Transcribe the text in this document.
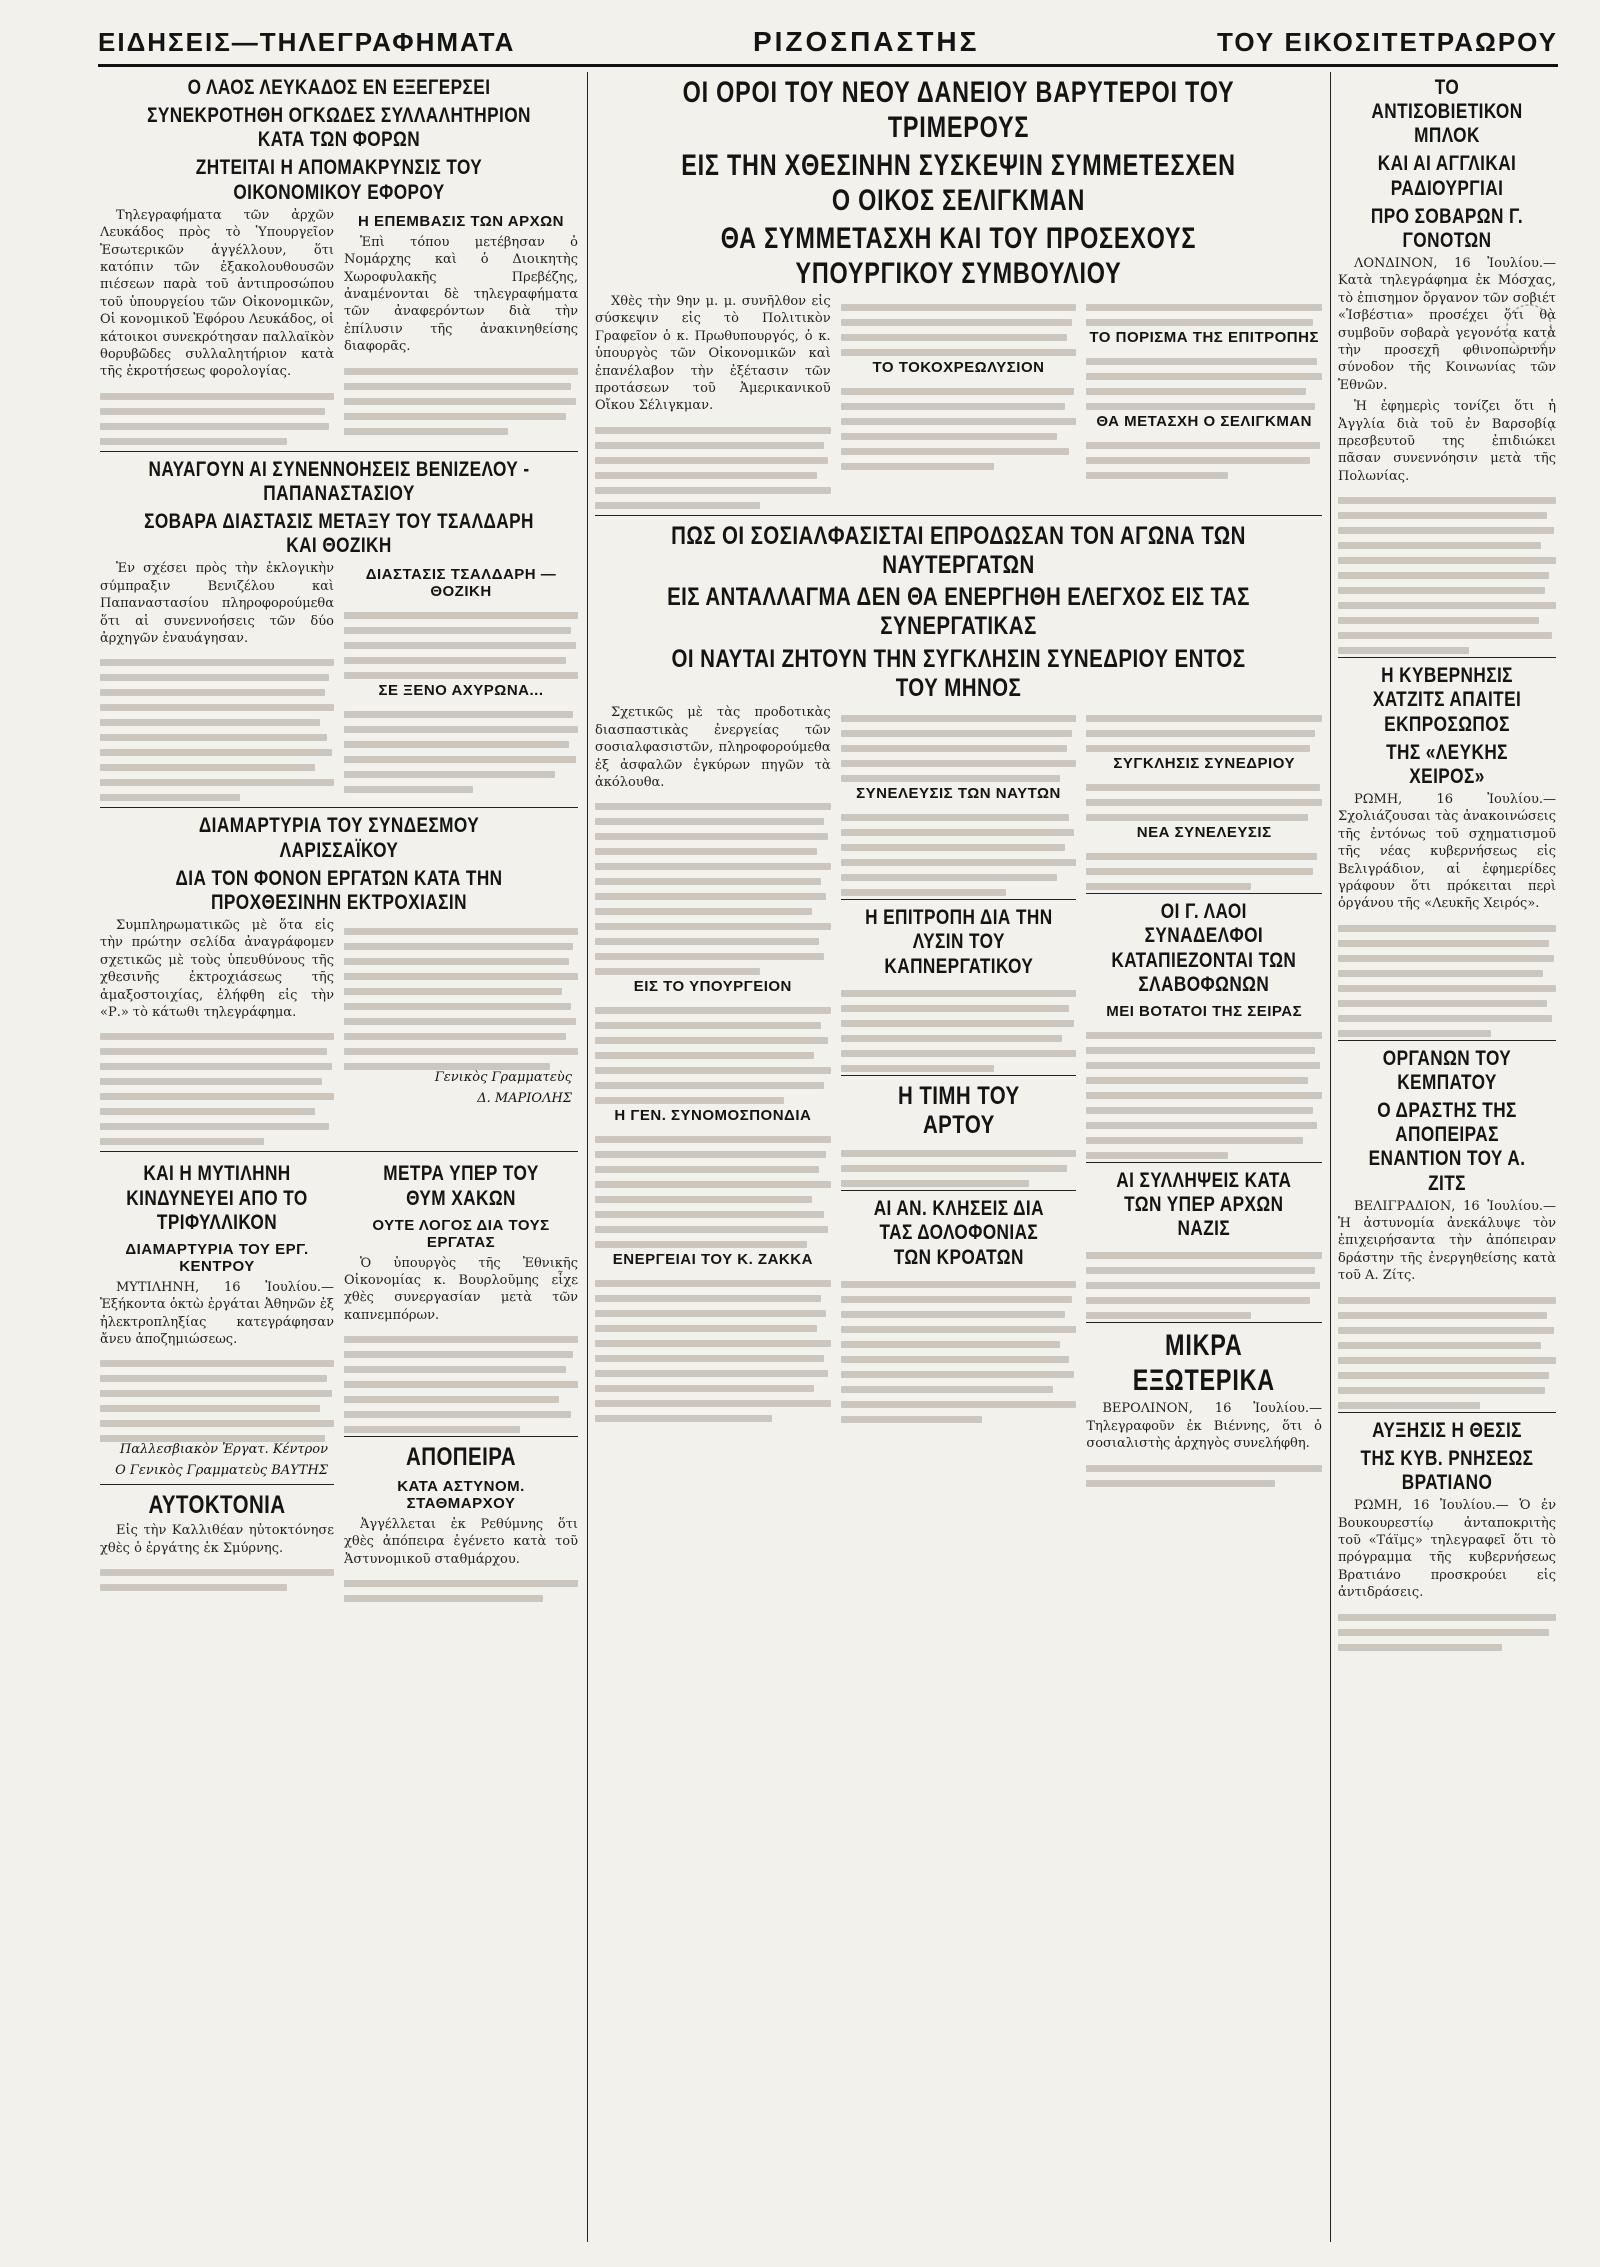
ΕΙΔΗΣΕΙΣ—ΤΗΛΕΓΡΑΦΗΜΑΤΑ	ΡΙΖΟΣΠΑΣΤΗΣ	ΤΟΥ ΕΙΚΟΣΙΤΕΤΡΑΩΡΟΥ
Ο ΛΑΟΣ ΛΕΥΚΑΔΟΣ ΕΝ ΕΞΕΓΕΡΣΕΙ
ΣΥΝΕΚΡΟΤΗΘΗ ΟΓΚΩΔΕΣ ΣΥΛΛΑΛΗΤΗΡΙΟΝ ΚΑΤΑ ΤΩΝ ΦΟΡΩΝ
ΖΗΤΕΙΤΑΙ Η ΑΠΟΜΑΚΡΥΝΣΙΣ ΤΟΥ ΟΙΚΟΝΟΜΙΚΟΥ ΕΦΟΡΟΥ

Τηλεγραφήματα τῶν ἀρχῶν Λευκάδος πρὸς τὸ Ὑπουργεῖον Ἐσωτερικῶν ἀγγέλλουν, ὅτι κατόπιν τῶν ἐξακολουθουσῶν πιέσεων παρὰ τοῦ ἀντιπροσώπου τοῦ ὑπουργείου τῶν Οἰκονομικῶν, Οἱ κονομικοῦ Ἐφόρου Λευκάδος, οἱ κάτοικοι συνεκρότησαν παλλαϊκὸν θορυβῶδες συλλαλητήριον κατὰ τῆς ἐκροτήσεως φορολογίας.

Η ΕΠΕΜΒΑΣΙΣ ΤΩΝ ΑΡΧΩΝ

Ἐπὶ τόπου μετέβησαν ὁ Νομάρχης καὶ ὁ Διοικητὴς Χωροφυλακῆς Πρεβέζης, ἀναμένονται δὲ τηλεγραφήματα τῶν ἀναφερόντων διὰ τὴν ἐπίλυσιν τῆς ἀνακινηθείσης διαφορᾶς.

ΝΑΥΑΓΟΥΝ ΑΙ ΣΥΝΕΝΝΟΗΣΕΙΣ ΒΕΝΙΖΕΛΟΥ - ΠΑΠΑΝΑΣΤΑΣΙΟΥ
ΣΟΒΑΡΑ ΔΙΑΣΤΑΣΙΣ ΜΕΤΑΞΥ ΤΟΥ ΤΣΑΛΔΑΡΗ ΚΑΙ ΘΟΖΙΚΗ

Ἐν σχέσει πρὸς τὴν ἐκλογικὴν σύμπραξιν Βενιζέλου καὶ Παπαναστασίου πληροφορούμεθα ὅτι αἱ συνεννοήσεις τῶν δύο ἀρχηγῶν ἐναυάγησαν.

ΔΙΑΣΤΑΣΙΣ ΤΣΑΛΔΑΡΗ — ΘΟΖΙΚΗ
ΣΕ ΞΕΝΟ ΑΧΥΡΩΝΑ...
ΔΙΑΜΑΡΤΥΡΙΑ ΤΟΥ ΣΥΝΔΕΣΜΟΥ ΛΑΡΙΣΣΑΪΚΟΥ
ΔΙΑ ΤΟΝ ΦΟΝΟΝ ΕΡΓΑΤΩΝ ΚΑΤΑ ΤΗΝ ΠΡΟΧΘΕΣΙΝΗΝ ΕΚΤΡΟΧΙΑΣΙΝ

Συμπληρωματικῶς μὲ ὅτα εἰς τὴν πρώτην σελίδα ἀναγράφομεν σχετικῶς μὲ τοὺς ὑπευθύνους τῆς χθεσινῆς ἐκτροχιάσεως τῆς ἁμαξοστοιχίας, ἐλήφθη εἰς τὴν «Ρ.» τὸ κάτωθι τηλεγράφημα.

Γενικὸς Γραμματεὺς
Δ. ΜΑΡΙΟΛΗΣ
ΚΑΙ Η ΜΥΤΙΛΗΝΗ ΚΙΝΔΥΝΕΥΕΙ ΑΠΟ ΤΟ ΤΡΙΦΥΛΛΙΚΟΝ
ΔΙΑΜΑΡΤΥΡΙΑ ΤΟΥ ΕΡΓ. ΚΕΝΤΡΟΥ

ΜΥΤΙΛΗΝΗ, 16 Ἰουλίου.— Ἑξήκοντα ὀκτὼ ἐργάται Ἀθηνῶν ἐξ ἠλεκτροπληξίας κατεγράφησαν ἄνευ ἀποζημιώσεως.

Παλλεσβιακὸν Ἐργατ. Κέντρον
Ο Γενικὸς Γραμματεὺς ΒΑΥΤΗΣ
ΑΥΤΟΚΤΟΝΙΑ

Εἰς τὴν Καλλιθέαν ηὐτοκτόνησε χθὲς ὁ ἐργάτης ἐκ Σμύρνης.

ΜΕΤΡΑ ΥΠΕΡ ΤΟΥ ΘΥΜ ΧΑΚΩΝ
ΟΥΤΕ ΛΟΓΟΣ ΔΙΑ ΤΟΥΣ ΕΡΓΑΤΑΣ

Ὁ ὑπουργὸς τῆς Ἐθνικῆς Οἰκονομίας κ. Βουρλοῦμης εἶχε χθὲς συνεργασίαν μετὰ τῶν καπνεμπόρων.

ΑΠΟΠΕΙΡΑ
ΚΑΤΑ ΑΣΤΥΝΟΜ. ΣΤΑΘΜΑΡΧΟΥ

Ἀγγέλλεται ἐκ Ρεθύμνης ὅτι χθὲς ἀπόπειρα ἐγένετο κατὰ τοῦ Ἀστυνομικοῦ σταθμάρχου.

ΟΙ ΟΡΟΙ ΤΟΥ ΝΕΟΥ ΔΑΝΕΙΟΥ ΒΑΡΥΤΕΡΟΙ ΤΟΥ ΤΡΙΜΕΡΟΥΣ
ΕΙΣ ΤΗΝ ΧΘΕΣΙΝΗΝ ΣΥΣΚΕΨΙΝ ΣΥΜΜΕΤΕΣΧΕΝ Ο ΟΙΚΟΣ ΣΕΛΙΓΚΜΑΝ
ΘΑ ΣΥΜΜΕΤΑΣΧΗ ΚΑΙ ΤΟΥ ΠΡΟΣΕΧΟΥΣ ΥΠΟΥΡΓΙΚΟΥ ΣΥΜΒΟΥΛΙΟΥ

Χθὲς τὴν 9ην μ. μ. συνῆλθον εἰς σύσκεψιν εἰς τὸ Πολιτικὸν Γραφεῖον ὁ κ. Πρωθυπουργός, ὁ κ. ὑπουργὸς τῶν Οἰκονομικῶν καὶ ἐπανέλαβον τὴν ἐξέτασιν τῶν προτάσεων τοῦ Ἀμερικανικοῦ Οἴκου Σέλιγκμαν.

ΤΟ ΤΟΚΟΧΡΕΩΛΥΣΙΟΝ
ΤΟ ΠΟΡΙΣΜΑ ΤΗΣ ΕΠΙΤΡΟΠΗΣ
ΘΑ ΜΕΤΑΣΧΗ Ο ΣΕΛΙΓΚΜΑΝ
ΠΩΣ ΟΙ ΣΟΣΙΑΛΦΑΣΙΣΤΑΙ ΕΠΡΟΔΩΣΑΝ ΤΟΝ ΑΓΩΝΑ ΤΩΝ ΝΑΥΤΕΡΓΑΤΩΝ
ΕΙΣ ΑΝΤΑΛΛΑΓΜΑ ΔΕΝ ΘΑ ΕΝΕΡΓΗΘΗ ΕΛΕΓΧΟΣ ΕΙΣ ΤΑΣ ΣΥΝΕΡΓΑΤΙΚΑΣ
ΟΙ ΝΑΥΤΑΙ ΖΗΤΟΥΝ ΤΗΝ ΣΥΓΚΛΗΣΙΝ ΣΥΝΕΔΡΙΟΥ ΕΝΤΟΣ ΤΟΥ ΜΗΝΟΣ

Σχετικῶς μὲ τὰς προδοτικὰς διασπαστικὰς ἐνεργείας τῶν σοσιαλφασιστῶν, πληροφορούμεθα ἐξ ἀσφαλῶν ἐγκύρων πηγῶν τὰ ἀκόλουθα.

ΕΙΣ ΤΟ ΥΠΟΥΡΓΕΙΟΝ
Η ΓΕΝ. ΣΥΝΟΜΟΣΠΟΝΔΙΑ
ΕΝΕΡΓΕΙΑΙ ΤΟΥ Κ. ΖΑΚΚΑ
ΣΥΝΕΛΕΥΣΙΣ ΤΩΝ ΝΑΥΤΩΝ
Η ΕΠΙΤΡΟΠΗ ΔΙΑ ΤΗΝ ΛΥΣΙΝ ΤΟΥ ΚΑΠΝΕΡΓΑΤΙΚΟΥ
Η ΤΙΜΗ ΤΟΥ ΑΡΤΟΥ
ΑΙ ΑΝ. ΚΛΗΣΕΙΣ ΔΙΑ ΤΑΣ ΔΟΛΟΦΟΝΙΑΣ ΤΩΝ ΚΡΟΑΤΩΝ
ΣΥΓΚΛΗΣΙΣ ΣΥΝΕΔΡΙΟΥ
ΝΕΑ ΣΥΝΕΛΕΥΣΙΣ
ΟΙ Γ. ΛΑΟΙ ΣΥΝΑΔΕΛΦΟΙ ΚΑΤΑΠΙΕΖΟΝΤΑΙ ΤΩΝ ΣΛΑΒΟΦΩΝΩΝ
ΜΕΙ ΒΟΤΑΤΟΙ ΤΗΣ ΣΕΙΡΑΣ
ΑΙ ΣΥΛΛΗΨΕΙΣ ΚΑΤΑ ΤΩΝ ΥΠΕΡ ΑΡΧΩΝ ΝΑΖΙΣ
ΜΙΚΡΑ ΕΞΩΤΕΡΙΚΑ

ΒΕΡΟΛΙΝΟΝ, 16 Ἰουλίου.— Τηλεγραφοῦν ἐκ Βιέννης, ὅτι ὁ σοσιαλιστὴς ἀρχηγὸς συνελήφθη.

ΤΟ ΑΝΤΙΣΟΒΙΕΤΙΚΟΝ ΜΠΛΟΚ
ΚΑΙ ΑΙ ΑΓΓΛΙΚΑΙ ΡΑΔΙΟΥΡΓΙΑΙ
ΠΡΟ ΣΟΒΑΡΩΝ Γ. ΓΟΝΟΤΩΝ

ΛΟΝΔΙΝΟΝ, 16 Ἰουλίου.— Κατὰ τηλεγράφημα ἐκ Μόσχας, τὸ ἐπισημον ὄργανον τῶν σοβιέτ «Ἰσβέστια» προσέχει ὅτι θὰ συμβοῦν σοβαρὰ γεγονότα κατὰ τὴν προσεχῆ φθινοπωρινὴν σύνοδον τῆς Κοινωνίας τῶν Ἐθνῶν.

Ἡ ἐφημερὶς τονίζει ὅτι ἡ Ἀγγλία διὰ τοῦ ἐν Βαρσοβίᾳ πρεσβευτοῦ της ἐπιδιώκει πᾶσαν συνεννόησιν μετὰ τῆς Πολωνίας.

Η ΚΥΒΕΡΝΗΣΙΣ ΧΑΤΖΙΤΣ ΑΠΑΙΤΕΙ ΕΚΠΡΟΣΩΠΟΣ
ΤΗΣ «ΛΕΥΚΗΣ ΧΕΙΡΟΣ»

ΡΩΜΗ, 16 Ἰουλίου.— Σχολιάζουσαι τὰς ἀνακοινώσεις τῆς ἐντόνως τοῦ σχηματισμοῦ τῆς νέας κυβερνήσεως εἰς Βελιγράδιον, αἱ ἐφημερίδες γράφουν ὅτι πρόκειται περὶ ὀργάνου τῆς «Λευκῆς Χειρός».

ΟΡΓΑΝΩΝ ΤΟΥ ΚΕΜΠΑΤΟΥ
Ο ΔΡΑΣΤΗΣ ΤΗΣ ΑΠΟΠΕΙΡΑΣ ΕΝΑΝΤΙΟΝ ΤΟΥ Α. ΖΙΤΣ

ΒΕΛΙΓΡΑΔΙΟΝ, 16 Ἰουλίου.— Ἡ ἀστυνομία ἀνεκάλυψε τὸν ἐπιχειρήσαντα τὴν ἀπόπειραν δράστην τῆς ἐνεργηθείσης κατὰ τοῦ Α. Ζίτς.

ΑΥΞΗΣΙΣ Η ΘΕΣΙΣ
ΤΗΣ ΚΥΒ. ΡΝΗΣΕΩΣ ΒΡΑΤΙΑΝΟ

ΡΩΜΗ, 16 Ἰουλίου.— Ὁ ἐν Βουκουρεστίῳ ἀνταποκριτὴς τοῦ «Τάϊμς» τηλεγραφεῖ ὅτι τὸ πρόγραμμα τῆς κυβερνήσεως Βρατιάνο προσκρούει εἰς ἀντιδράσεις.
